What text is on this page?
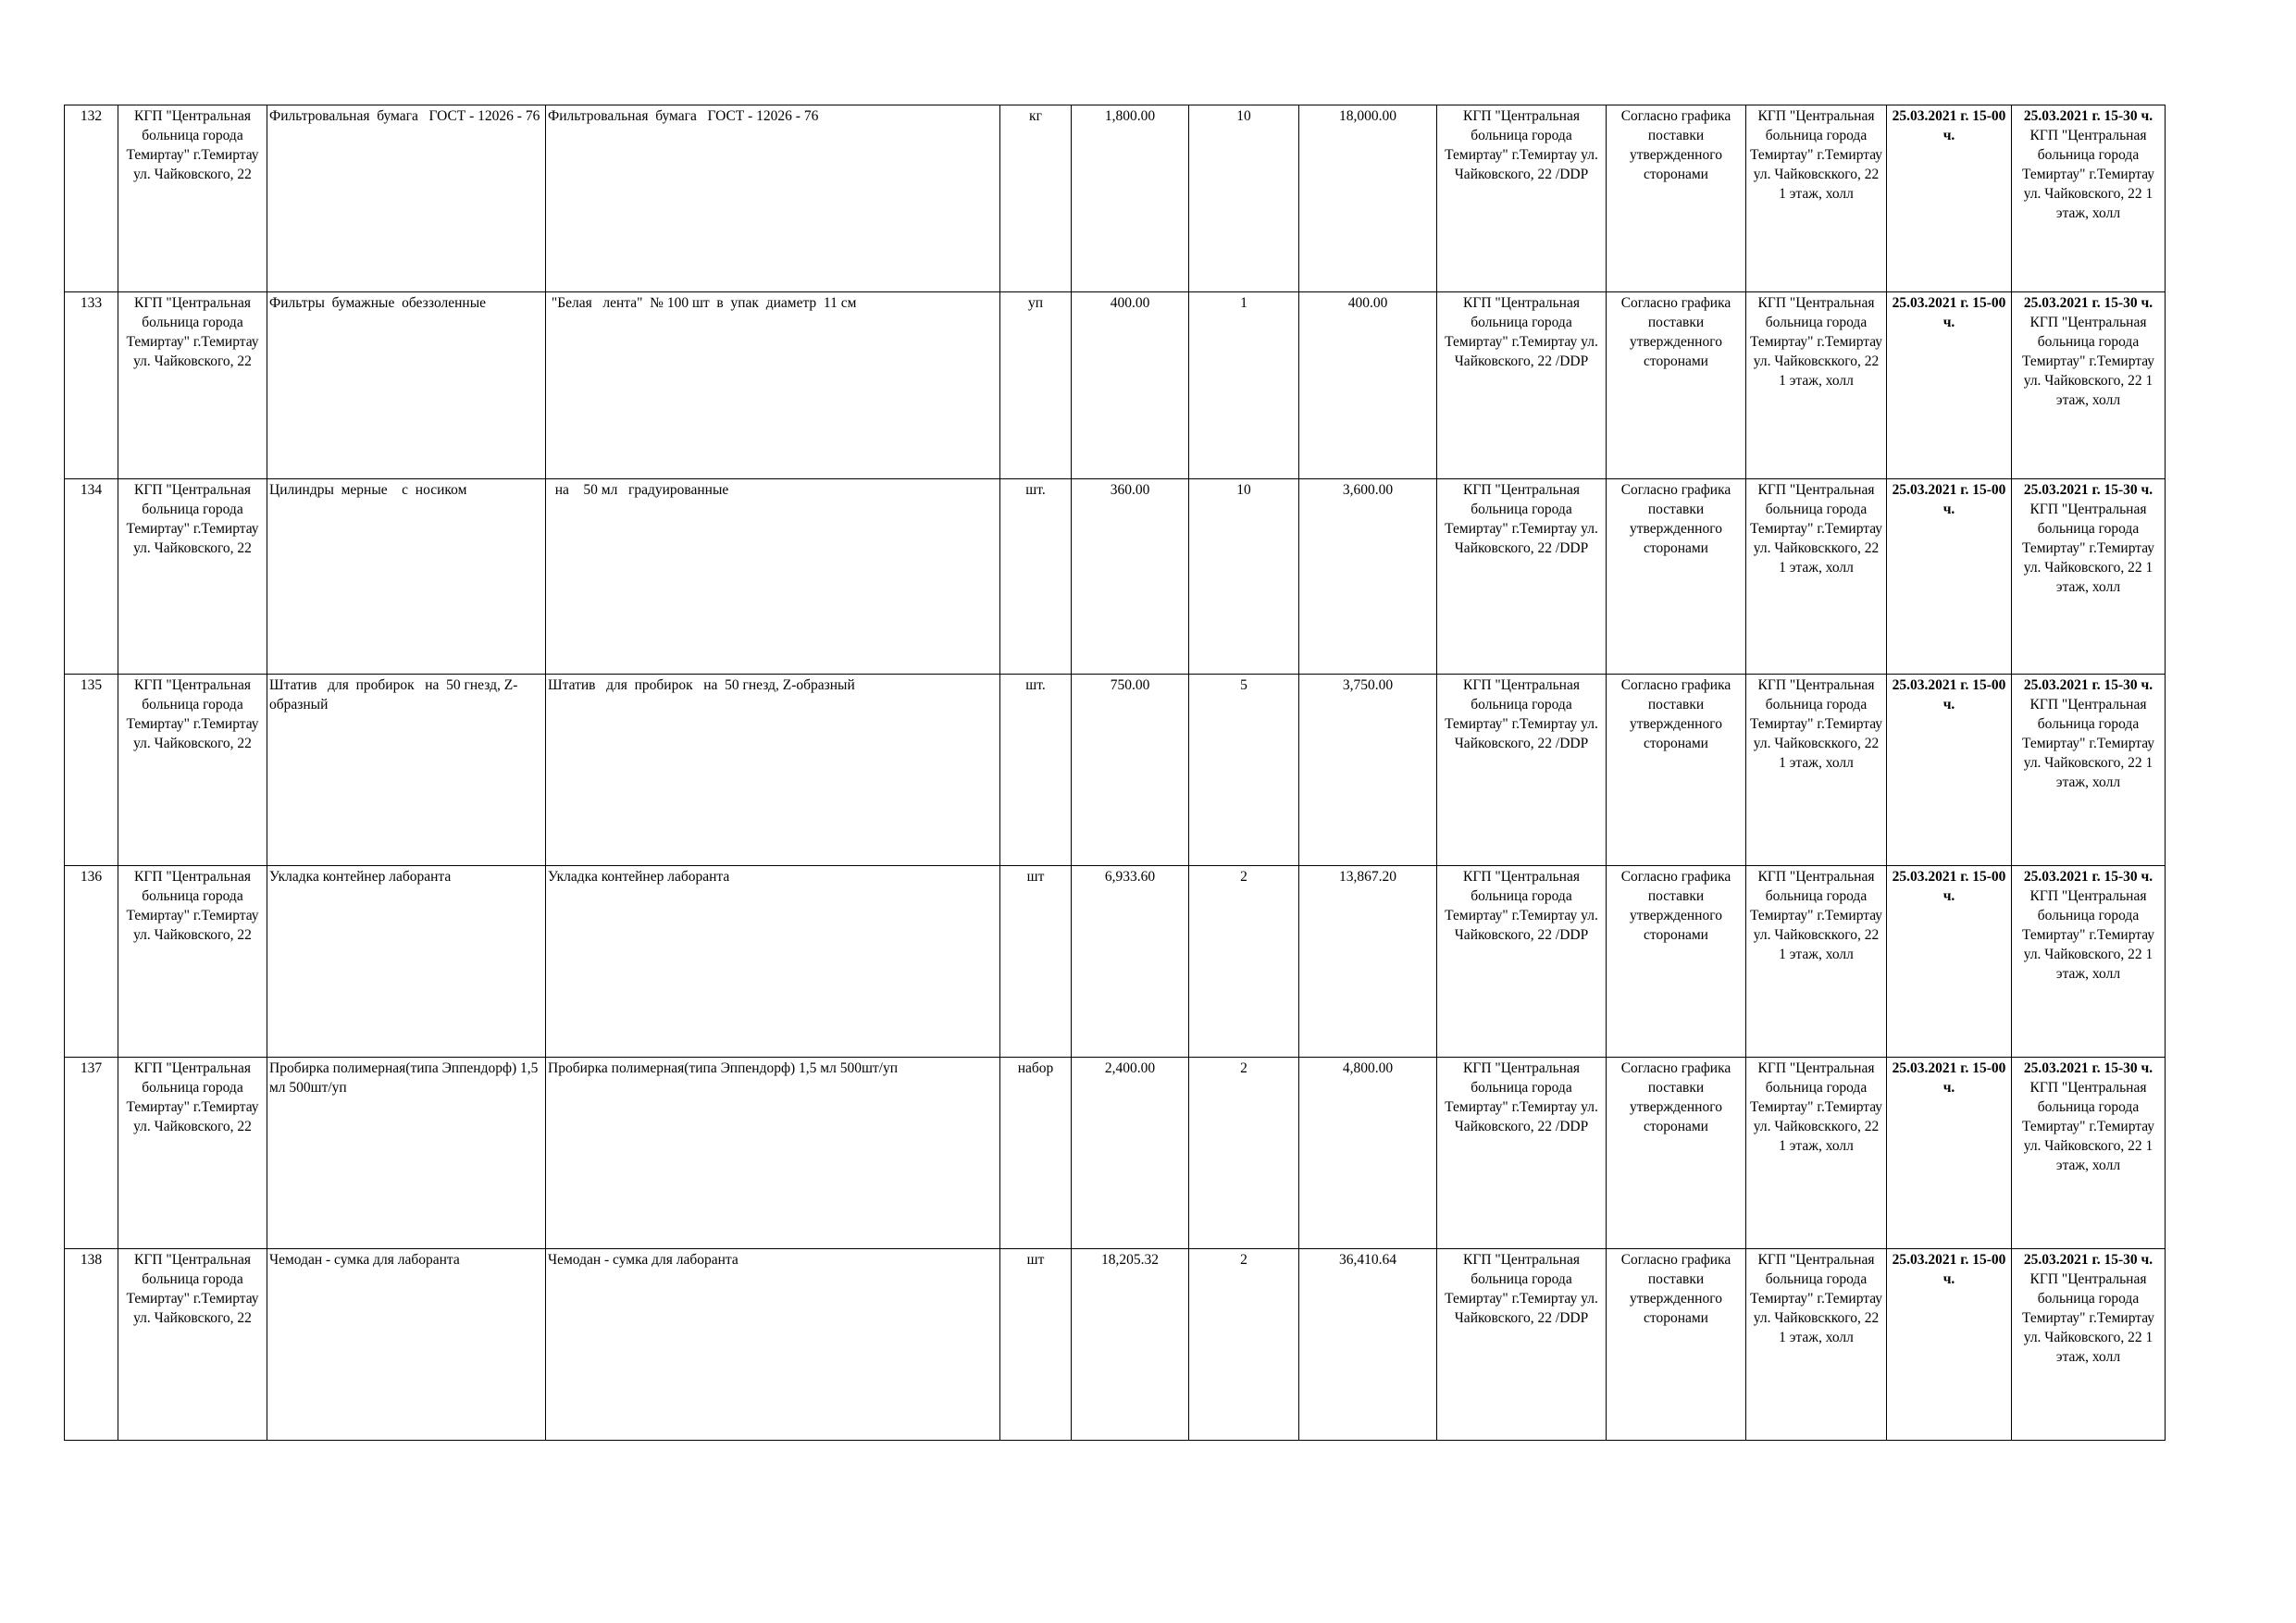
132	КГП "Центральная больница города Темиртау" г.Темиртау ул. Чайковского, 22	Фильтровальная  бумага   ГОСТ - 12026 - 76	Фильтровальная  бумага   ГОСТ - 12026 - 76	кг	1,800.00	10	18,000.00	КГП "Центральная больница города Темиртау" г.Темиртау ул. Чайковского, 22 /DDP	Согласно графика поставки утвержденного сторонами	КГП "Центральная больница города Темиртау" г.Темиртау ул. Чайковсккого, 22 1 этаж, холл	25.03.2021 г. 15-00 ч.	25.03.2021 г. 15-30 ч. КГП "Центральная больница города Темиртау" г.Темиртау ул. Чайковского, 22 1 этаж, холл
133	КГП "Центральная больница города Темиртау" г.Темиртау ул. Чайковского, 22	Фильтры  бумажные  обеззоленные	"Белая   лента"  № 100 шт  в  упак  диаметр  11 см	уп	400.00	1	400.00	КГП "Центральная больница города Темиртау" г.Темиртау ул. Чайковского, 22 /DDP	Согласно графика поставки утвержденного сторонами	КГП "Центральная больница города Темиртау" г.Темиртау ул. Чайковсккого, 22 1 этаж, холл	25.03.2021 г. 15-00 ч.	25.03.2021 г. 15-30 ч. КГП "Центральная больница города Темиртау" г.Темиртау ул. Чайковского, 22 1 этаж, холл
134	КГП "Центральная больница города Темиртау" г.Темиртау ул. Чайковского, 22	Цилиндры  мерные    с  носиком	на    50 мл   градуированные	шт.	360.00	10	3,600.00	КГП "Центральная больница города Темиртау" г.Темиртау ул. Чайковского, 22 /DDP	Согласно графика поставки утвержденного сторонами	КГП "Центральная больница города Темиртау" г.Темиртау ул. Чайковсккого, 22 1 этаж, холл	25.03.2021 г. 15-00 ч.	25.03.2021 г. 15-30 ч. КГП "Центральная больница города Темиртау" г.Темиртау ул. Чайковского, 22 1 этаж, холл
135	КГП "Центральная больница города Темиртау" г.Темиртау ул. Чайковского, 22	Штатив   для  пробирок   на  50 гнезд, Z-образный	Штатив   для  пробирок   на  50 гнезд, Z-образный	шт.	750.00	5	3,750.00	КГП "Центральная больница города Темиртау" г.Темиртау ул. Чайковского, 22 /DDP	Согласно графика поставки утвержденного сторонами	КГП "Центральная больница города Темиртау" г.Темиртау ул. Чайковсккого, 22 1 этаж, холл	25.03.2021 г. 15-00 ч.	25.03.2021 г. 15-30 ч. КГП "Центральная больница города Темиртау" г.Темиртау ул. Чайковского, 22 1 этаж, холл
136	КГП "Центральная больница города Темиртау" г.Темиртау ул. Чайковского, 22	Укладка контейнер лаборанта	Укладка контейнер лаборанта	шт	6,933.60	2	13,867.20	КГП "Центральная больница города Темиртау" г.Темиртау ул. Чайковского, 22 /DDP	Согласно графика поставки утвержденного сторонами	КГП "Центральная больница города Темиртау" г.Темиртау ул. Чайковсккого, 22 1 этаж, холл	25.03.2021 г. 15-00 ч.	25.03.2021 г. 15-30 ч. КГП "Центральная больница города Темиртау" г.Темиртау ул. Чайковского, 22 1 этаж, холл
137	КГП "Центральная больница города Темиртау" г.Темиртау ул. Чайковского, 22	Пробирка полимерная(типа Эппендорф) 1,5 мл 500шт/уп	Пробирка полимерная(типа Эппендорф) 1,5 мл 500шт/уп	набор	2,400.00	2	4,800.00	КГП "Центральная больница города Темиртау" г.Темиртау ул. Чайковского, 22 /DDP	Согласно графика поставки утвержденного сторонами	КГП "Центральная больница города Темиртау" г.Темиртау ул. Чайковсккого, 22 1 этаж, холл	25.03.2021 г. 15-00 ч.	25.03.2021 г. 15-30 ч. КГП "Центральная больница города Темиртау" г.Темиртау ул. Чайковского, 22 1 этаж, холл
138	КГП "Центральная больница города Темиртау" г.Темиртау ул. Чайковского, 22	Чемодан - сумка для лаборанта	Чемодан - сумка для лаборанта	шт	18,205.32	2	36,410.64	КГП "Центральная больница города Темиртау" г.Темиртау ул. Чайковского, 22 /DDP	Согласно графика поставки утвержденного сторонами	КГП "Центральная больница города Темиртау" г.Темиртау ул. Чайковсккого, 22 1 этаж, холл	25.03.2021 г. 15-00 ч.	25.03.2021 г. 15-30 ч. КГП "Центральная больница города Темиртау" г.Темиртау ул. Чайковского, 22 1 этаж, холл
